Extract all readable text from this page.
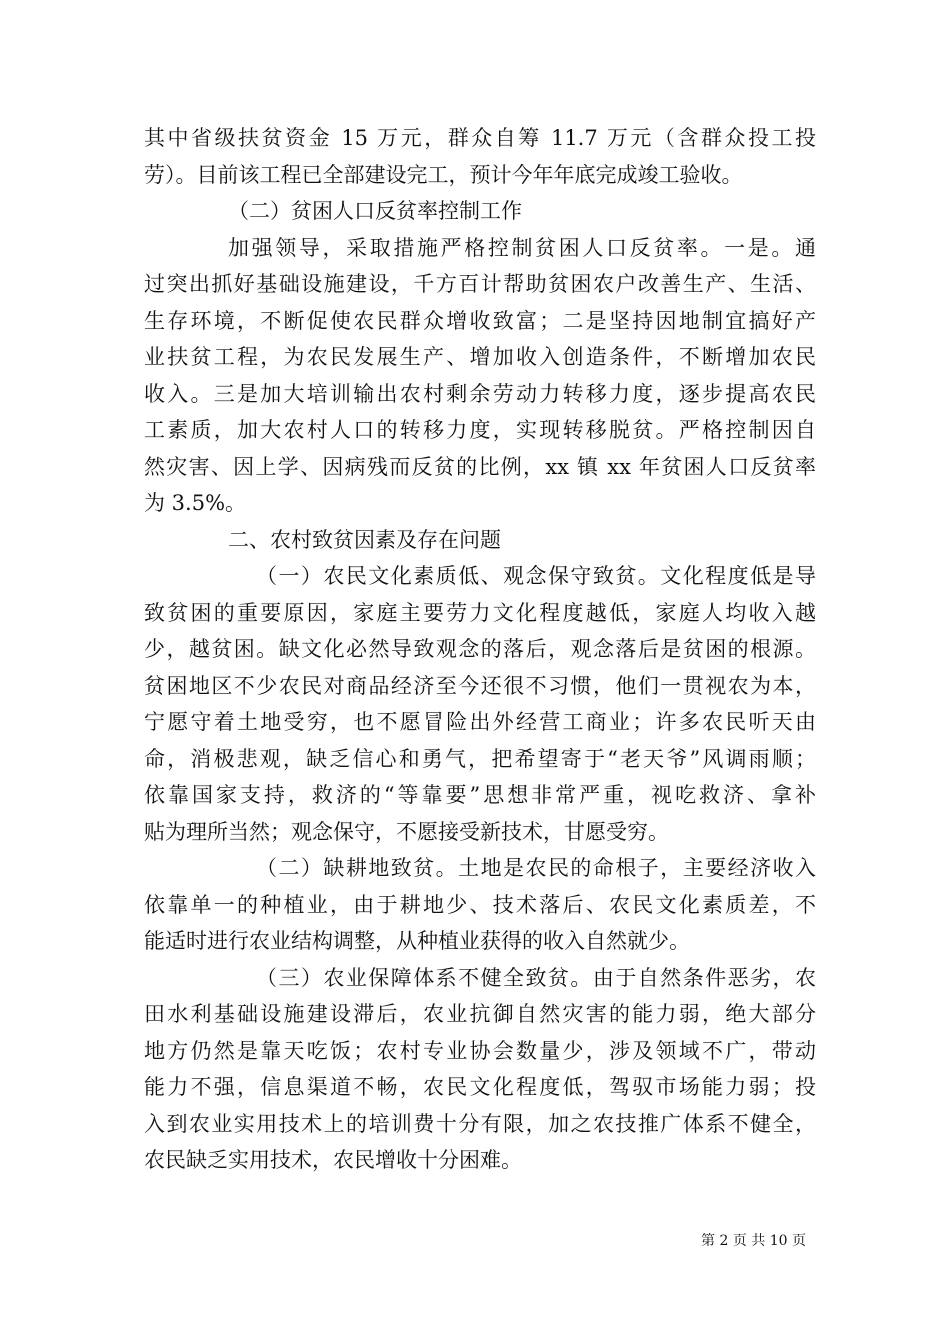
其中省级扶贫资金 15 万元，群众自筹 11.7 万元（含群众投工投
劳）。目前该工程已全部建设完工，预计今年年底完成竣工验收。
（二）贫困人口反贫率控制工作
加强领导，采取措施严格控制贫困人口反贫率。一是。通
过突出抓好基础设施建设，千方百计帮助贫困农户改善生产、生活、
生存环境，不断促使农民群众增收致富；二是坚持因地制宜搞好产
业扶贫工程，为农民发展生产、增加收入创造条件，不断增加农民
收入。三是加大培训输出农村剩余劳动力转移力度，逐步提高农民
工素质，加大农村人口的转移力度，实现转移脱贫。严格控制因自
然灾害、因上学、因病残而反贫的比例，xx 镇 xx 年贫困人口反贫率
为 3.5%。
二、农村致贫因素及存在问题
（一）农民文化素质低、观念保守致贫。文化程度低是导
致贫困的重要原因，家庭主要劳力文化程度越低，家庭人均收入越
少，越贫困。缺文化必然导致观念的落后，观念落后是贫困的根源。
贫困地区不少农民对商品经济至今还很不习惯，他们一贯视农为本，
宁愿守着土地受穷，也不愿冒险出外经营工商业；许多农民听天由
命，消极悲观，缺乏信心和勇气，把希望寄于“老天爷”风调雨顺；
依靠国家支持，救济的“等靠要”思想非常严重，视吃救济、拿补
贴为理所当然；观念保守，不愿接受新技术，甘愿受穷。
（二）缺耕地致贫。土地是农民的命根子，主要经济收入
依靠单一的种植业，由于耕地少、技术落后、农民文化素质差，不
能适时进行农业结构调整，从种植业获得的收入自然就少。
（三）农业保障体系不健全致贫。由于自然条件恶劣，农
田水利基础设施建设滞后，农业抗御自然灾害的能力弱，绝大部分
地方仍然是靠天吃饭；农村专业协会数量少，涉及领域不广，带动
能力不强，信息渠道不畅，农民文化程度低，驾驭市场能力弱；投
入到农业实用技术上的培训费十分有限，加之农技推广体系不健全，
农民缺乏实用技术，农民增收十分困难。
第 2 页 共 10 页
